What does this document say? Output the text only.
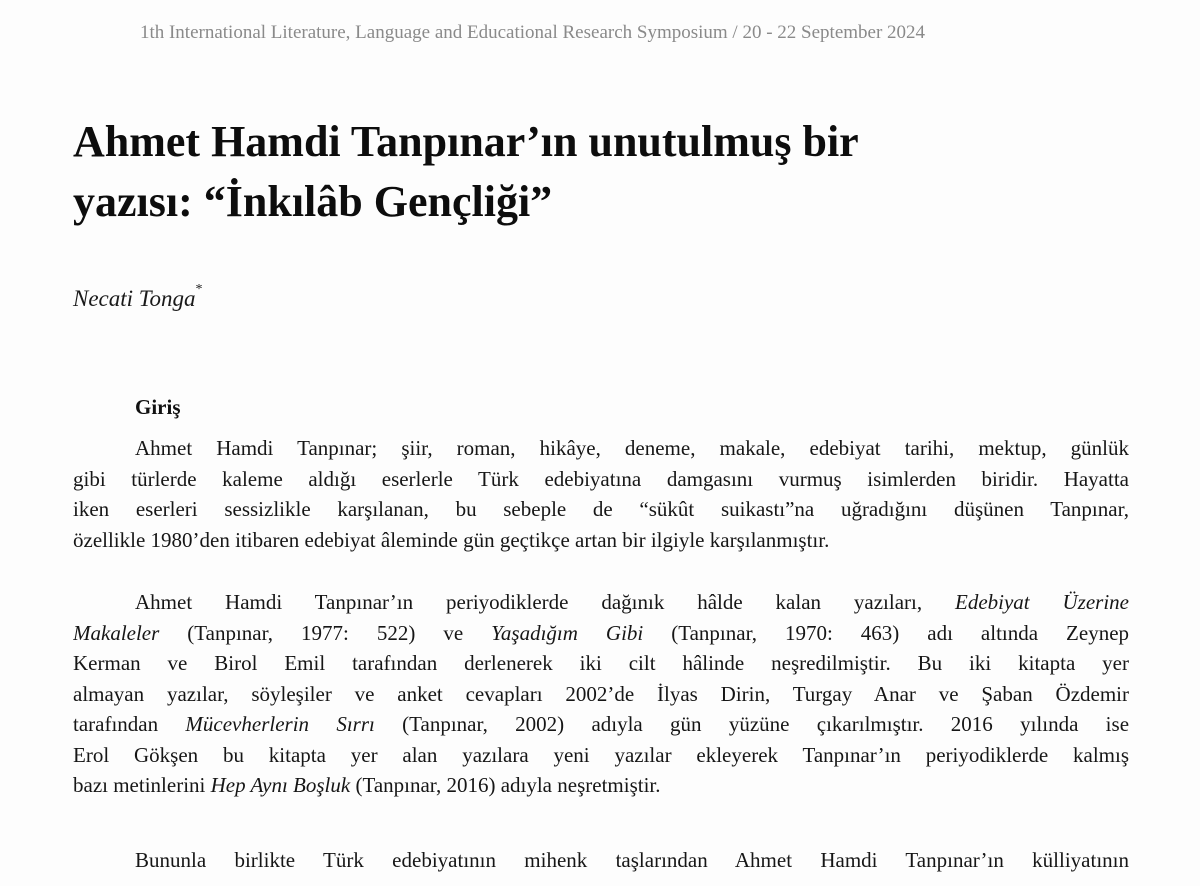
1th International Literature, Language and Educational Research Symposium / 20 - 22 September 2024
Ahmet Hamdi Tanpınar’ın unutulmuş bir
yazısı: “İnkılâb Gençliği”
Necati Tonga*
Giriş
Ahmet Hamdi Tanpınar; şiir, roman, hikâye, deneme, makale, edebiyat tarihi, mektup, günlük
gibi türlerde kaleme aldığı eserlerle Türk edebiyatına damgasını vurmuş isimlerden biridir. Hayatta
iken eserleri sessizlikle karşılanan, bu sebeple de “sükût suikastı”na uğradığını düşünen Tanpınar,
özellikle 1980’den itibaren edebiyat âleminde gün geçtikçe artan bir ilgiyle karşılanmıştır.
Ahmet Hamdi Tanpınar’ın periyodiklerde dağınık hâlde kalan yazıları, Edebiyat Üzerine
Makaleler (Tanpınar, 1977: 522) ve Yaşadığım Gibi (Tanpınar, 1970: 463) adı altında Zeynep
Kerman ve Birol Emil tarafından derlenerek iki cilt hâlinde neşredilmiştir. Bu iki kitapta yer
almayan yazılar, söyleşiler ve anket cevapları 2002’de İlyas Dirin, Turgay Anar ve Şaban Özdemir
tarafından Mücevherlerin Sırrı (Tanpınar, 2002) adıyla gün yüzüne çıkarılmıştır. 2016 yılında ise
Erol Gökşen bu kitapta yer alan yazılara yeni yazılar ekleyerek Tanpınar’ın periyodiklerde kalmış
bazı metinlerini Hep Aynı Boşluk (Tanpınar, 2016) adıyla neşretmiştir.
Bununla birlikte Türk edebiyatının mihenk taşlarından Ahmet Hamdi Tanpınar’ın külliyatının
